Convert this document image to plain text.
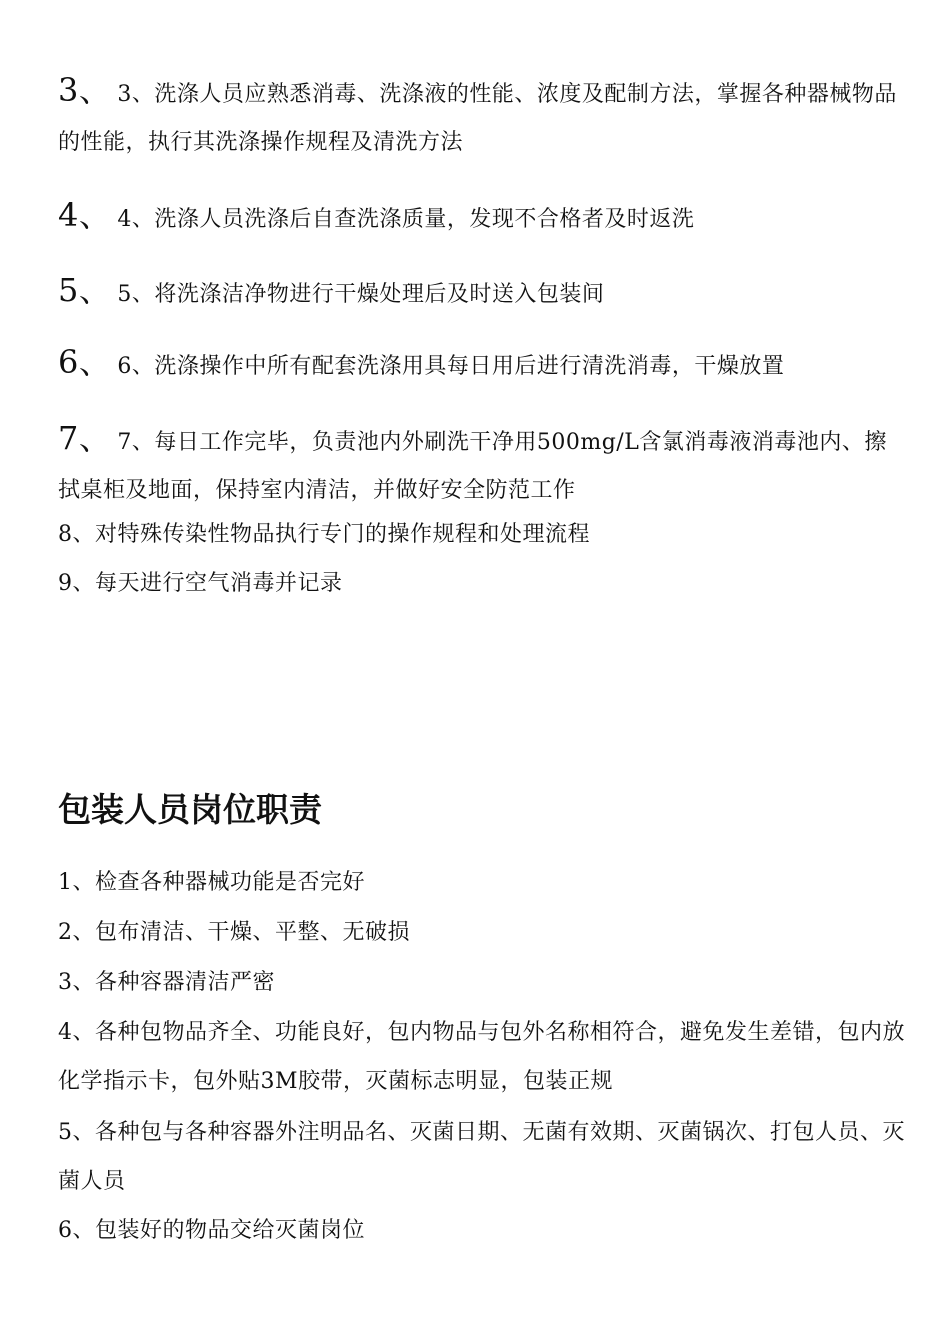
3、 3、洗涤人员应熟悉消毒、洗涤液的性能、浓度及配制方法，掌握各种器械物品的性能，执行其洗涤操作规程及清洗方法
4、 4、洗涤人员洗涤后自查洗涤质量，发现不合格者及时返洗
5、 5、将洗涤洁净物进行干燥处理后及时送入包装间
6、 6、洗涤操作中所有配套洗涤用具每日用后进行清洗消毒，干燥放置
7、 7、每日工作完毕，负责池内外刷洗干净用500mg/L含氯消毒液消毒池内、擦拭桌柜及地面，保持室内清洁，并做好安全防范工作
8、对特殊传染性物品执行专门的操作规程和处理流程
9、每天进行空气消毒并记录
包装人员岗位职责
1、检查各种器械功能是否完好
2、包布清洁、干燥、平整、无破损
3、各种容器清洁严密
4、各种包物品齐全、功能良好，包内物品与包外名称相符合，避免发生差错，包内放化学指示卡，包外贴3M胶带，灭菌标志明显，包装正规
5、各种包与各种容器外注明品名、灭菌日期、无菌有效期、灭菌锅次、打包人员、灭菌人员
6、包装好的物品交给灭菌岗位
